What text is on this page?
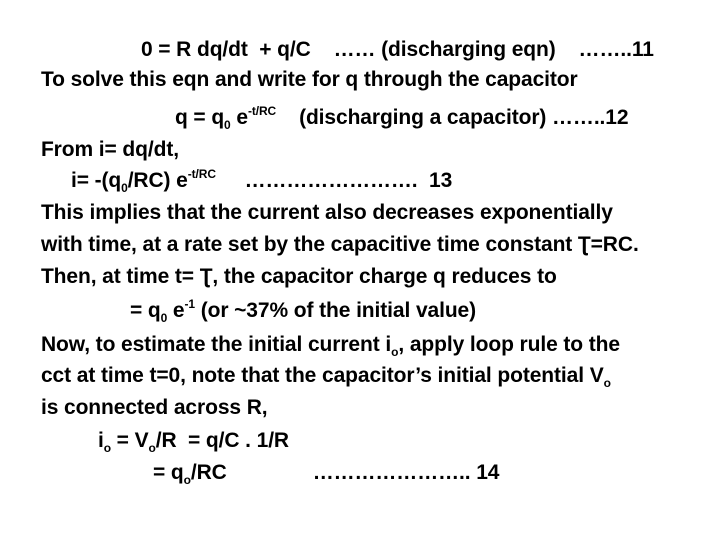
0 = R dq/dt  + q/C    …… (discharging eqn)    ……..11

To solve this eqn and write for q through the capacitor

$q = q_0$ $e^{-t/RC}$    (discharging a capacitor) ……..12

From i= dq/dt,

$i= -(q_0/RC)$ $e^{-t/RC}$     …………………….  13

This implies that the current also decreases exponentially

with time, at a rate set by the capacitive time constant Ʈ=RC.

Then, at time t= Ʈ, the capacitor charge q reduces to

= $q_0$ $e^{-1}$ (or ~37% of the initial value)

Now, to estimate the initial current $i_o$, apply loop rule to the

cct at time t=0, note that the capacitor’s initial potential $V_o$

is connected across R,

$i_o = V_o/R = q/C$ . 1/R

= $q_o/RC$               ………………….. 14
